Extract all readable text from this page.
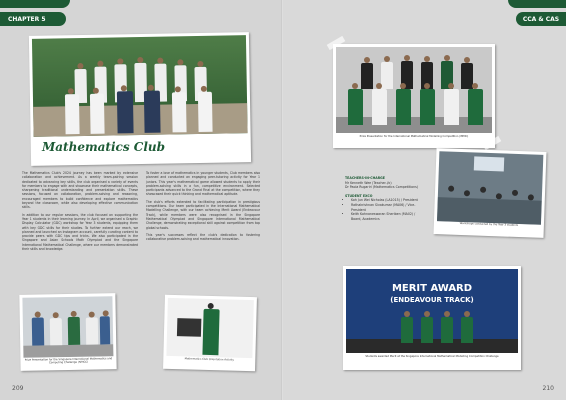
CHAPTER 5
Mathematics Club

The Mathematics Club's 2024 journey has been marked by extensive collaboration and achievement. As a weekly team-pairing session dedicated to advancing key skills, the club organised a variety of events for members to engage with and showcase their mathematical concepts, sharpening traditional understanding and presentation skills. These sessions, focused on collaboration, problem-solving and reasoning, encouraged members to build confidence and explore mathematics beyond the classroom, while also developing effective communication skills.

In addition to our regular sessions, the club focused on supporting the Year 1 students in their learning journey. In April, we organised a Graphic Display Calculator (GDC) workshop for Year 3 students, equipping them with key GDC skills for their studies. To further extend our reach, we planned and launched an Instagram account, carefully curating content to provide peers with GDC tips and tricks. We also participated in the Singapore and Asian Schools Math Olympiad and the Singapore International Mathematical Challenge, where our members demonstrated their skills and knowledge.

To foster a love of mathematics in younger students, Club members also planned and conducted an engaging peer-tutoring activity for Year 1 juniors. This year's mathematical game allowed students to apply their problem-solving skills in a fun, competitive environment. Selected participants advanced to the Grand Final at the competition, where they showcased their quick thinking and mathematical aptitude.

The club's efforts extended to facilitating participation in prestigious competitions. Our team participated in the International Mathematical Modelling Challenge, with our team achieving Merit Award (Endeavour Track), while members were also recognised in the Singapore Mathematical Olympiad and Singapore International Mathematical Challenge, demonstrating exceptional skill against competition from top global schools.

This year's successes reflect the club's dedication to fostering collaborative problem-solving and mathematical innovation.

Prize Presentation for the Singapore International Mathematics and Computing Challenge (SIMCC)
Mathematics Club Orientation Activity
209
CCA & CAS
Prize Presentation for the International Mathematical Modelling Competition (IMMC)
TEACHERS-IN-CHARGE
Mr Kenneth Wee (Teacher-i/c)
Dr Paola Rugariri (Mathematics Competitions)
STUDENT EXCO
• Koh Jun Wei Nicholas (LA1015) / President
• Rathakrishnan Sivakumar (MA06) / Vice-President
• Keith Kohnaneswaran Sheriben (MA02) / Board, Academics
Workshops conducted by the Year 3 students
MERIT AWARD
(ENDEAVOUR TRACK)
Students awarded Merit at the Singapore International Mathematical Modelling Competition Challenge
210
